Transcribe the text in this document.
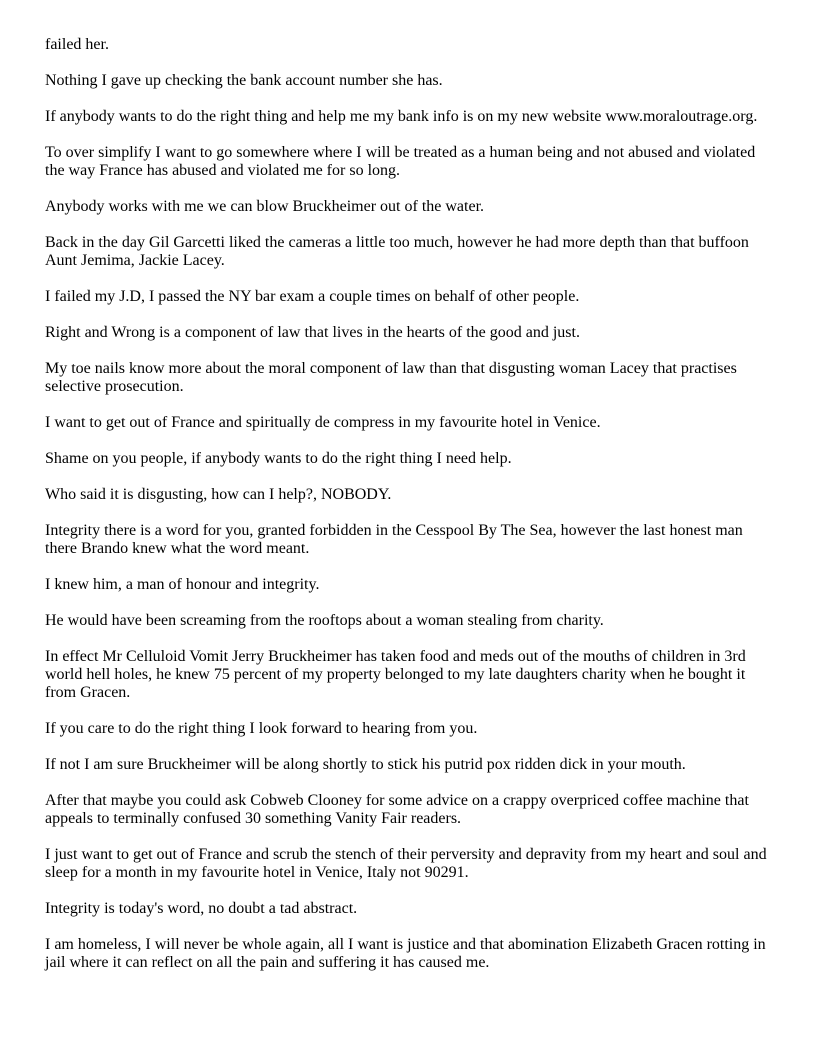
failed her.

Nothing I gave up checking the bank account number she has.

If anybody wants to do the right thing and help me my bank info is on my new website www.moraloutrage.org.

To over simplify I want to go somewhere where I will be treated as a human being and not abused and violated the way France has abused and violated me for so long.

Anybody works with me we can blow Bruckheimer out of the water.

Back in the day Gil Garcetti liked the cameras a little too much, however he had more depth than that buffoon Aunt Jemima, Jackie Lacey.

I failed my J.D, I passed the NY bar exam a couple times on behalf of other people.

Right and Wrong is a component of law that lives in the hearts of the good and just.

My toe nails know more about the moral component of law than that disgusting woman Lacey that practises selective prosecution.

I want to get out of France and spiritually de compress in my favourite hotel in Venice.

Shame on you people, if anybody wants to do the right thing I need help.

Who said it is disgusting, how can I help?, NOBODY.

Integrity there is a word for you, granted forbidden in the Cesspool By The Sea, however the last honest man there Brando knew what the word meant.

I knew him, a man of honour and integrity.

He would have been screaming from the rooftops about a woman stealing from charity.

In effect Mr Celluloid Vomit Jerry Bruckheimer has taken food and meds out of the mouths of children in 3rd world hell holes, he knew 75 percent of my property belonged to my late daughters charity when he bought it from Gracen.

If you care to do the right thing I look forward to hearing from you.

If not I am sure Bruckheimer will be along shortly to stick his putrid pox ridden dick in your mouth.

After that maybe you could ask Cobweb Clooney for some advice on a crappy overpriced coffee machine that appeals to terminally confused 30 something Vanity Fair readers.

I just want to get out of France and scrub the stench of their perversity and depravity from my heart and soul and sleep for a month in my favourite hotel in Venice, Italy not 90291.

Integrity is today's word, no doubt a tad abstract.

I am homeless, I will never be whole again, all I want is justice and that abomination Elizabeth Gracen rotting in jail where it can reflect on all the pain and suffering it has caused me.
